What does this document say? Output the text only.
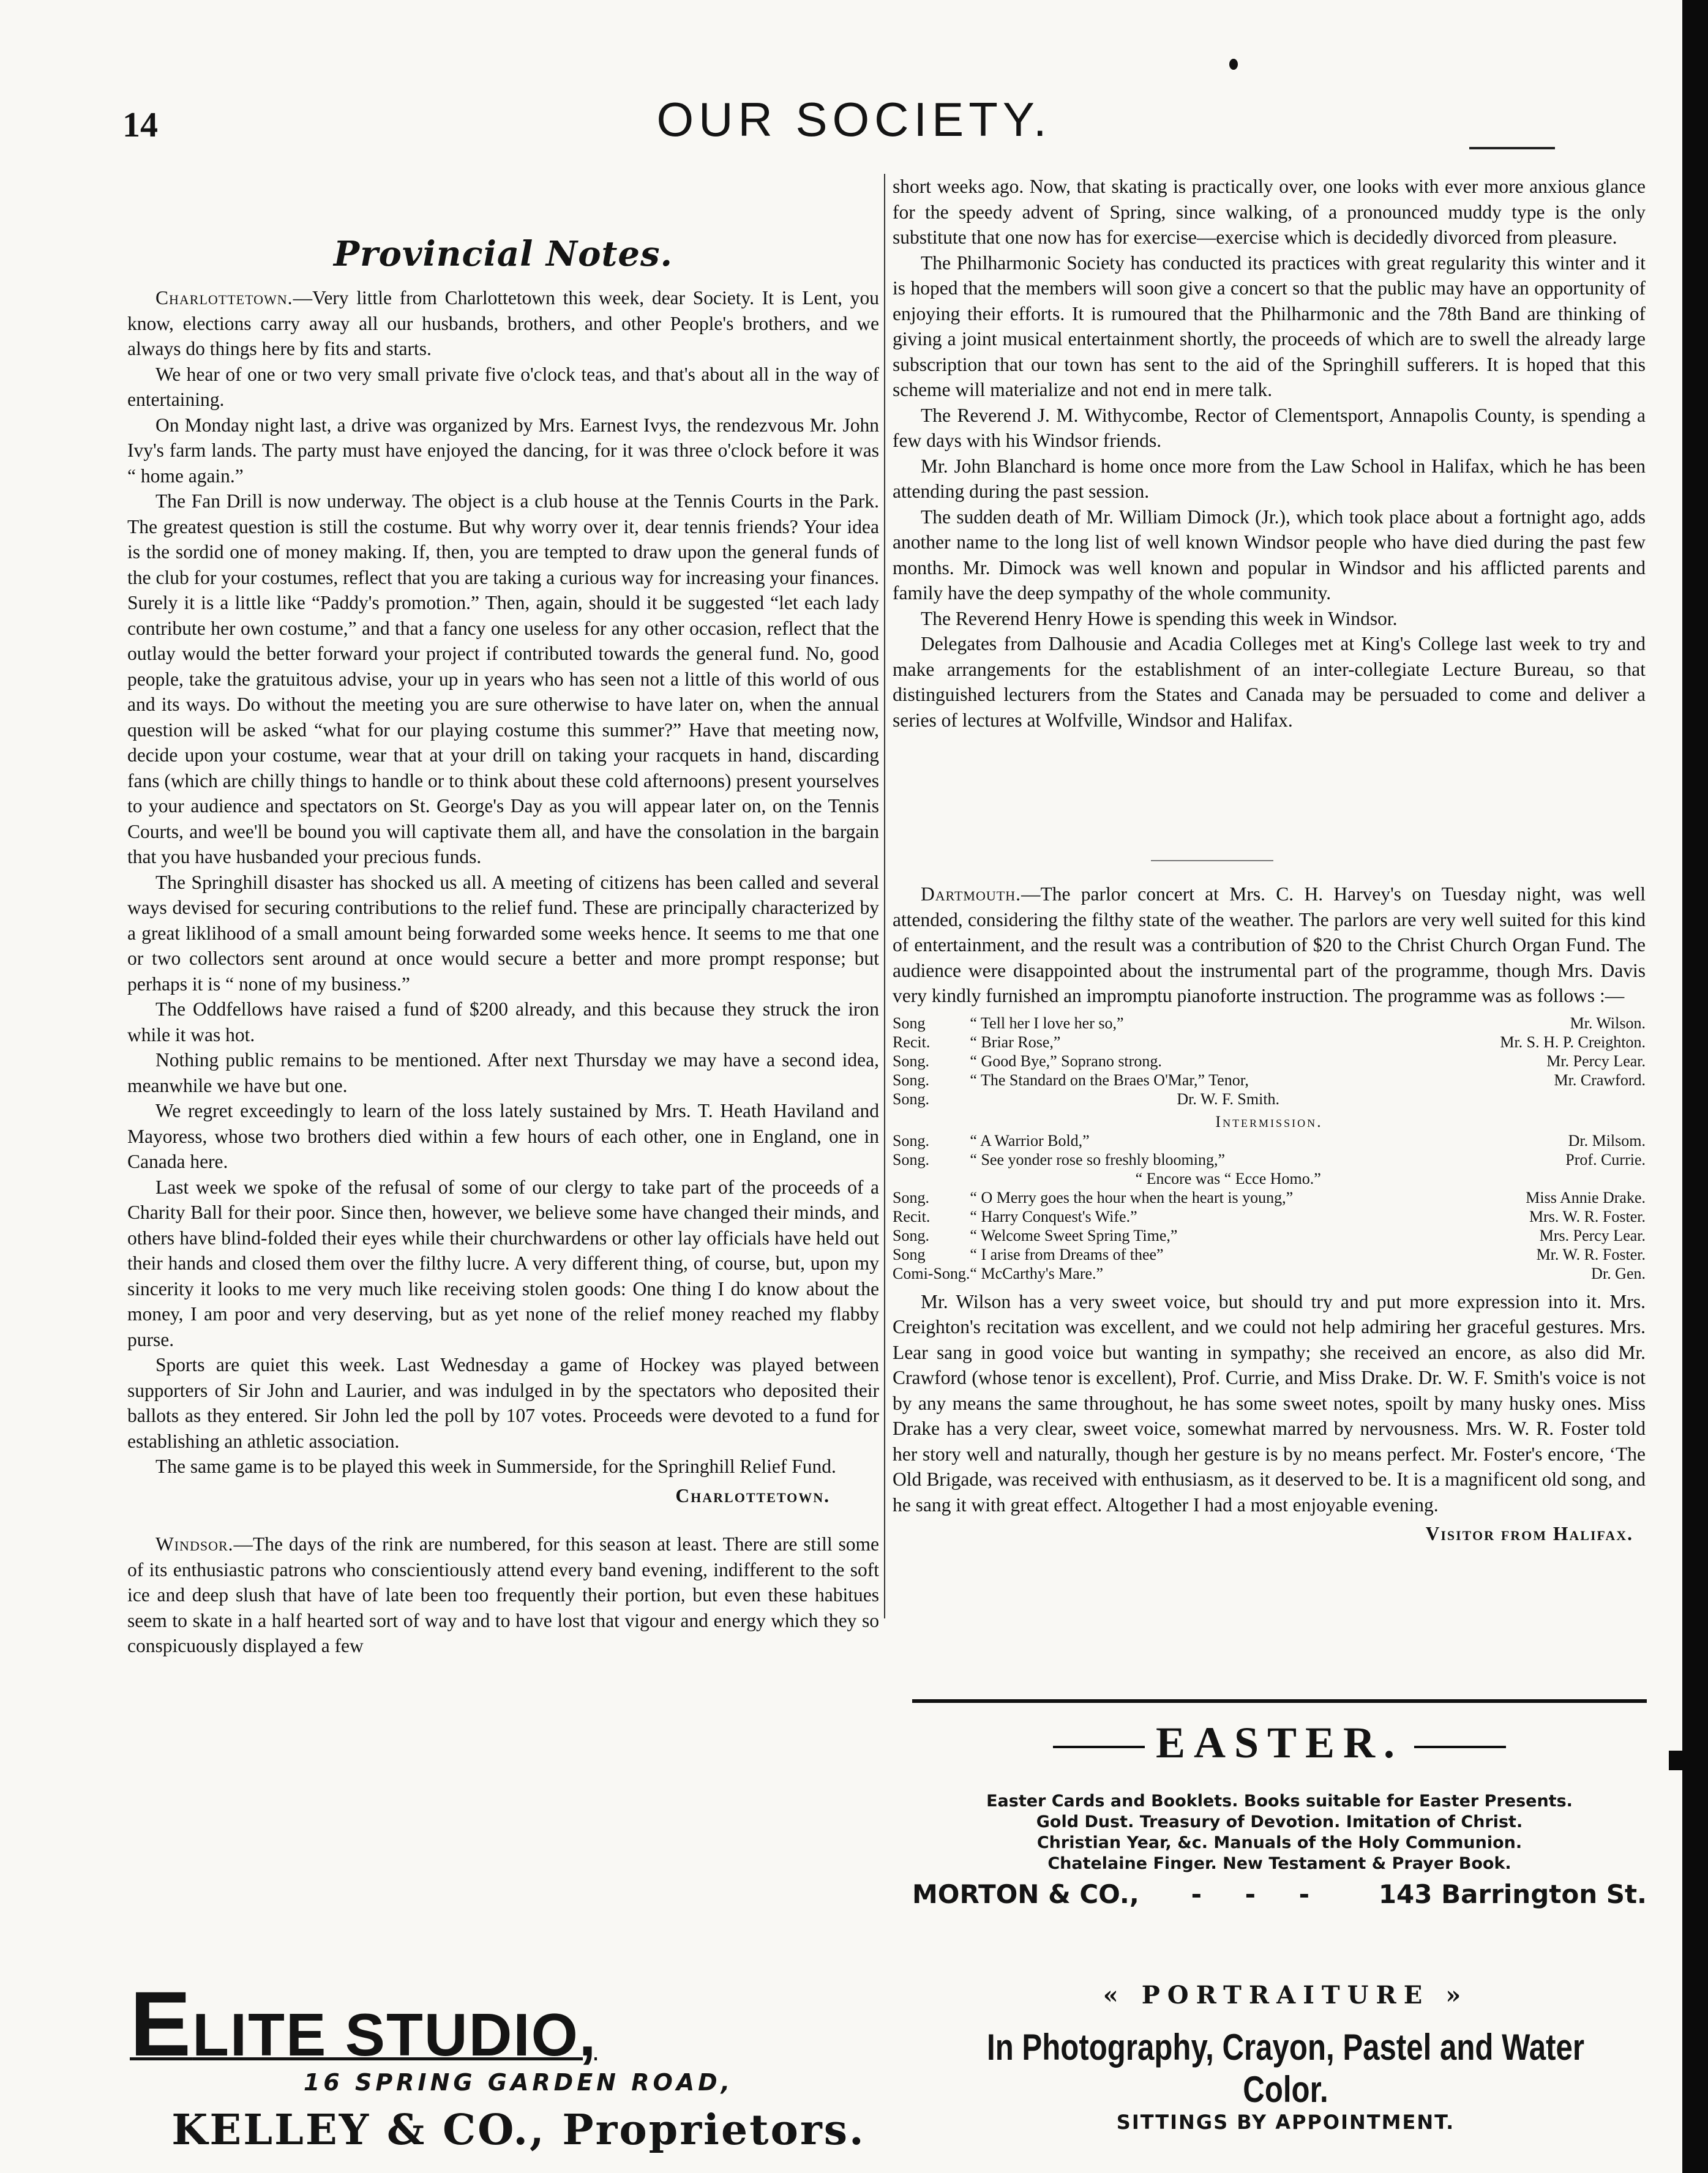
14	OUR SOCIETY.
Provincial Notes.

Charlottetown.—Very little from Charlottetown this week, dear Society. It is Lent, you know, elections carry away all our husbands, brothers, and other People's brothers, and we always do things here by fits and starts.

We hear of one or two very small private five o'clock teas, and that's about all in the way of entertaining.

On Monday night last, a drive was organized by Mrs. Earnest Ivys, the rendezvous Mr. John Ivy's farm lands. The party must have enjoyed the dancing, for it was three o'clock before it was “ home again.”

The Fan Drill is now underway. The object is a club house at the Tennis Courts in the Park. The greatest question is still the costume. But why worry over it, dear tennis friends? Your idea is the sordid one of money making. If, then, you are tempted to draw upon the general funds of the club for your costumes, reflect that you are taking a curious way for increasing your finances. Surely it is a little like “Paddy's promotion.” Then, again, should it be suggested “let each lady contribute her own costume,” and that a fancy one useless for any other occasion, reflect that the outlay would the better forward your project if contributed towards the general fund. No, good people, take the gratuitous advise, your up in years who has seen not a little of this world of ous and its ways. Do without the meeting you are sure otherwise to have later on, when the annual question will be asked “what for our playing costume this summer?” Have that meeting now, decide upon your costume, wear that at your drill on taking your racquets in hand, discarding fans (which are chilly things to handle or to think about these cold afternoons) present yourselves to your audience and spectators on St. George's Day as you will appear later on, on the Tennis Courts, and wee'll be bound you will captivate them all, and have the consolation in the bargain that you have husbanded your precious funds.

The Springhill disaster has shocked us all. A meeting of citizens has been called and several ways devised for securing contributions to the relief fund. These are principally characterized by a great liklihood of a small amount being forwarded some weeks hence. It seems to me that one or two collectors sent around at once would secure a better and more prompt response; but perhaps it is “ none of my business.”

The Oddfellows have raised a fund of $200 already, and this because they struck the iron while it was hot.

Nothing public remains to be mentioned. After next Thursday we may have a second idea, meanwhile we have but one.

We regret exceedingly to learn of the loss lately sustained by Mrs. T. Heath Haviland and Mayoress, whose two brothers died within a few hours of each other, one in England, one in Canada here.

Last week we spoke of the refusal of some of our clergy to take part of the proceeds of a Charity Ball for their poor. Since then, however, we believe some have changed their minds, and others have blind-folded their eyes while their churchwardens or other lay officials have held out their hands and closed them over the filthy lucre. A very different thing, of course, but, upon my sincerity it looks to me very much like receiving stolen goods: One thing I do know about the money, I am poor and very deserving, but as yet none of the relief money reached my flabby purse.

Sports are quiet this week. Last Wednesday a game of Hockey was played between supporters of Sir John and Laurier, and was indulged in by the spectators who deposited their ballots as they entered. Sir John led the poll by 107 votes. Proceeds were devoted to a fund for establishing an athletic association.

The same game is to be played this week in Summerside, for the Springhill Relief Fund.

Charlottetown.

Windsor.—The days of the rink are numbered, for this season at least. There are still some of its enthusiastic patrons who conscientiously attend every band evening, indifferent to the soft ice and deep slush that have of late been too frequently their portion, but even these habitues seem to skate in a half hearted sort of way and to have lost that vigour and energy which they so conspicuously displayed a few

short weeks ago. Now, that skating is practically over, one looks with ever more anxious glance for the speedy advent of Spring, since walking, of a pronounced muddy type is the only substitute that one now has for exercise—exercise which is decidedly divorced from pleasure.

The Philharmonic Society has conducted its practices with great regularity this winter and it is hoped that the members will soon give a concert so that the public may have an opportunity of enjoying their efforts. It is rumoured that the Philharmonic and the 78th Band are thinking of giving a joint musical entertainment shortly, the proceeds of which are to swell the already large subscription that our town has sent to the aid of the Springhill sufferers. It is hoped that this scheme will materialize and not end in mere talk.

The Reverend J. M. Withycombe, Rector of Clementsport, Annapolis County, is spending a few days with his Windsor friends.

Mr. John Blanchard is home once more from the Law School in Halifax, which he has been attending during the past session.

The sudden death of Mr. William Dimock (Jr.), which took place about a fortnight ago, adds another name to the long list of well known Windsor people who have died during the past few months. Mr. Dimock was well known and popular in Windsor and his afflicted parents and family have the deep sympathy of the whole community.

The Reverend Henry Howe is spending this week in Windsor.

Delegates from Dalhousie and Acadia Colleges met at King's College last week to try and make arrangements for the establishment of an inter-collegiate Lecture Bureau, so that distinguished lecturers from the States and Canada may be persuaded to come and deliver a series of lectures at Wolfville, Windsor and Halifax.

Dartmouth.—The parlor concert at Mrs. C. H. Harvey's on Tuesday night, was well attended, considering the filthy state of the weather. The parlors are very well suited for this kind of entertainment, and the result was a contribution of $20 to the Christ Church Organ Fund. The audience were disappointed about the instrumental part of the programme, though Mrs. Davis very kindly furnished an impromptu pianoforte instruction. The programme was as follows :—

Song	“ Tell her I love her so,”	Mr. Wilson.
Recit.	“ Briar Rose,”	Mr. S. H. P. Creighton.
Song.	“ Good Bye,” Soprano strong.	Mr. Percy Lear.
Song.	“ The Standard on the Braes O'Mar,” Tenor,	Mr. Crawford.
Song.	Dr. W. F. Smith.	
Intermission.		
Song.	“ A Warrior Bold,”	Dr. Milsom.
Song.	“ See yonder rose so freshly blooming,”	Prof. Currie.
	“ Encore was “ Ecce Homo.”	
Song.	“ O Merry goes the hour when the heart is young,”	Miss Annie Drake.
Recit.	“ Harry Conquest's Wife.”	Mrs. W. R. Foster.
Song.	“ Welcome Sweet Spring Time,”	Mrs. Percy Lear.
Song	“ I arise from Dreams of thee”	Mr. W. R. Foster.
Comi-Song.	“ McCarthy's Mare.”	Dr. Gen.

Mr. Wilson has a very sweet voice, but should try and put more expression into it. Mrs. Creighton's recitation was excellent, and we could not help admiring her graceful gestures. Mrs. Lear sang in good voice but wanting in sympathy; she received an encore, as also did Mr. Crawford (whose tenor is excellent), Prof. Currie, and Miss Drake. Dr. W. F. Smith's voice is not by any means the same throughout, he has some sweet notes, spoilt by many husky ones. Miss Drake has a very clear, sweet voice, somewhat marred by nervousness. Mrs. W. R. Foster told her story well and naturally, though her gesture is by no means perfect. Mr. Foster's encore, ‘The Old Brigade, was received with enthusiasm, as it deserved to be. It is a magnificent old song, and he sang it with great effect. Altogether I had a most enjoyable evening.

Visitor from Halifax.
EASTER.
Easter Cards and Booklets. Books suitable for Easter Presents.
Gold Dust. Treasury of Devotion. Imitation of Christ.
Christian Year, &c. Manuals of the Holy Communion.
Chatelaine Finger. New Testament & Prayer Book.
MORTON & CO., - - - 143 Barrington St.
ELITE STUDIO,
16 SPRING GARDEN ROAD,
KELLEY & CO., Proprietors.
« PORTRAITURE »
In Photography, Crayon, Pastel and Water Color.
SITTINGS BY APPOINTMENT.
